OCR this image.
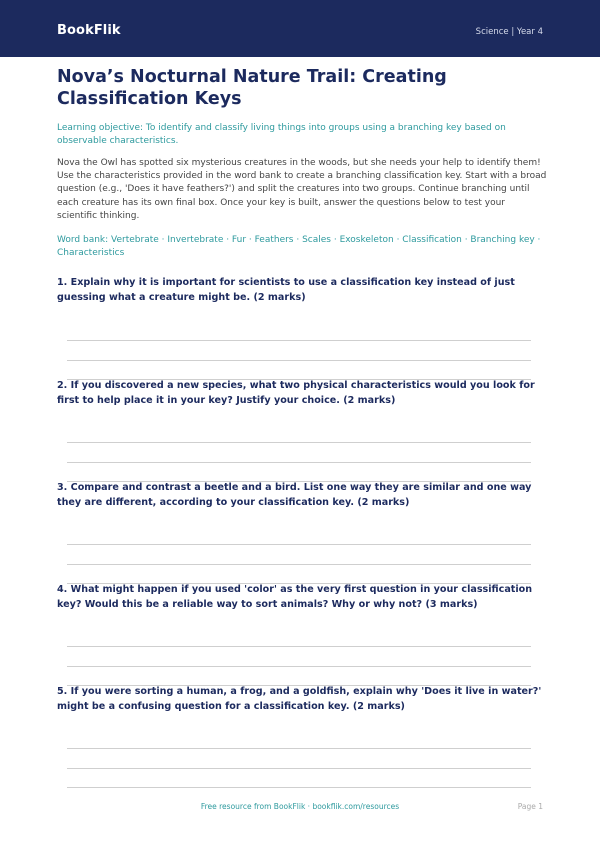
BookFlik	Science | Year 4
Nova’s Nocturnal Nature Trail: Creating Classification Keys
Learning objective: To identify and classify living things into groups using a branching key based on observable characteristics.
Nova the Owl has spotted six mysterious creatures in the woods, but she needs your help to identify them! Use the characteristics provided in the word bank to create a branching classification key. Start with a broad question (e.g., 'Does it have feathers?') and split the creatures into two groups. Continue branching until each creature has its own final box. Once your key is built, answer the questions below to test your scientific thinking.
Word bank: Vertebrate · Invertebrate · Fur · Feathers · Scales · Exoskeleton · Classification · Branching key · Characteristics
1. Explain why it is important for scientists to use a classification key instead of just guessing what a creature might be. (2 marks)
2. If you discovered a new species, what two physical characteristics would you look for first to help place it in your key? Justify your choice. (2 marks)
3. Compare and contrast a beetle and a bird. List one way they are similar and one way they are different, according to your classification key. (2 marks)
4. What might happen if you used 'color' as the very first question in your classification key? Would this be a reliable way to sort animals? Why or why not? (3 marks)
5. If you were sorting a human, a frog, and a goldfish, explain why 'Does it live in water?' might be a confusing question for a classification key. (2 marks)
Free resource from BookFlik · bookflik.com/resources	Page 1
